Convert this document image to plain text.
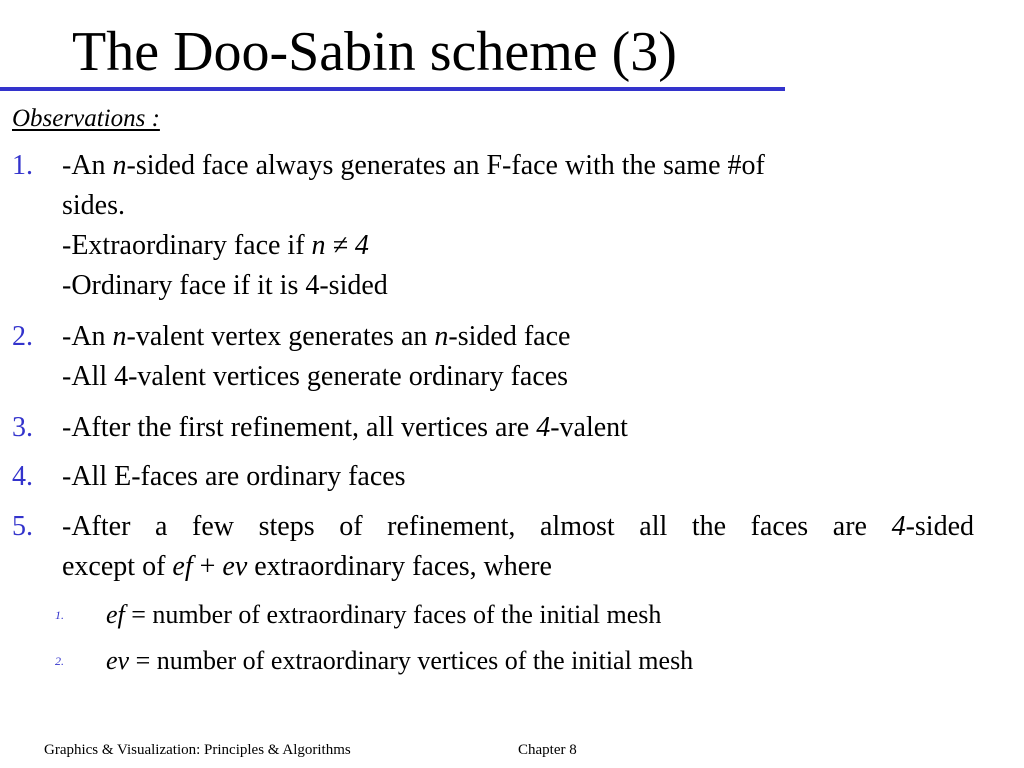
The Doo-Sabin scheme (3)
Observations :
1. -An n-sided face always generates an F-face with the same #of
sides.
-Extraordinary face if n ≠ 4
-Ordinary face if it is 4-sided
2. -An n-valent vertex generates an n-sided face
-All 4-valent vertices generate ordinary faces
3. -After the first refinement, all vertices are 4-valent
4. -All E-faces are ordinary faces
5. -After a few steps of refinement, almost all the faces are 4-sided
except of ef + ev extraordinary faces, where
1. ef = number of extraordinary faces of the initial mesh
2. ev = number of extraordinary vertices of the initial mesh
Graphics & Visualization: Principles & Algorithms	Chapter 8
